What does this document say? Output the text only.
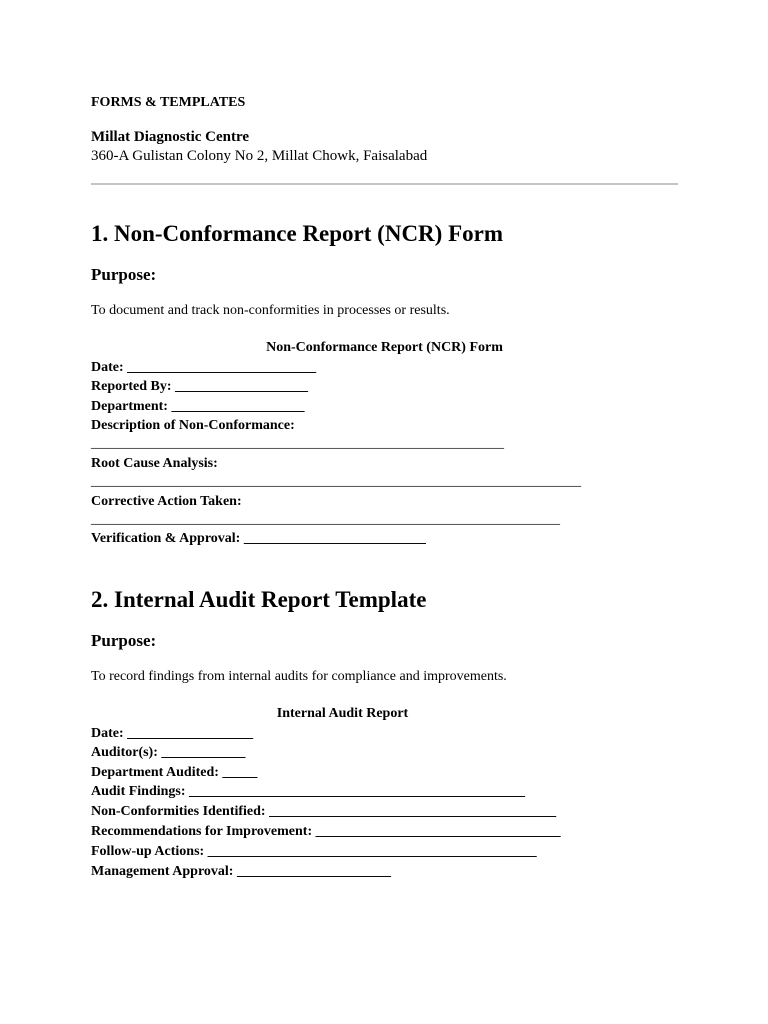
FORMS & TEMPLATES

Millat Diagnostic Centre

360-A Gulistan Colony No 2, Millat Chowk, Faisalabad

1. Non-Conformance Report (NCR) Form

Purpose:

To document and track non-conformities in processes or results.

Non-Conformance Report (NCR) Form

Date: ___________________________

Reported By: ___________________

Department: ___________________

Description of Non-Conformance:

___________________________________________________________

Root Cause Analysis:

______________________________________________________________________

Corrective Action Taken:

___________________________________________________________________

Verification & Approval: __________________________

2. Internal Audit Report Template

Purpose:

To record findings from internal audits for compliance and improvements.

Internal Audit Report

Date: __________________

Auditor(s): ____________

Department Audited: _____

Audit Findings: ________________________________________________

Non-Conformities Identified: _________________________________________

Recommendations for Improvement: ___________________________________

Follow-up Actions: _______________________________________________

Management Approval: ______________________
